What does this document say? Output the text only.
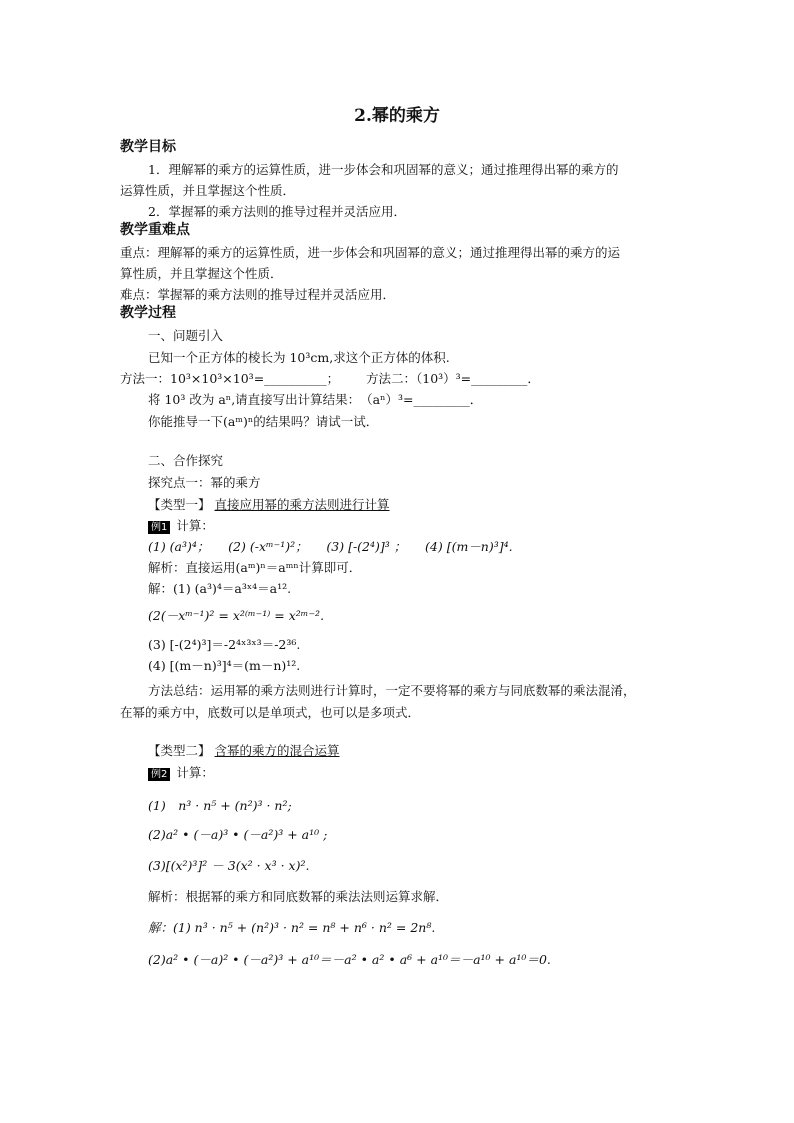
2.幂的乘方
教学目标
1．理解幂的乘方的运算性质，进一步体会和巩固幂的意义；通过推理得出幂的乘方的
运算性质，并且掌握这个性质．
2．掌握幂的乘方法则的推导过程并灵活应用．
教学重难点
重点：理解幂的乘方的运算性质，进一步体会和巩固幂的意义；通过推理得出幂的乘方的运
算性质，并且掌握这个性质．
难点：掌握幂的乘方法则的推导过程并灵活应用．
教学过程
一、问题引入
已知一个正方体的棱长为 10³cm,求这个正方体的体积.
方法一：10³×10³×10³=__________； 方法二：（10³）³=_________．
将 10³ 改为 aⁿ,请直接写出计算结果：　（aⁿ）³=_________．
你能推导一下(aᵐ)ⁿ的结果吗？请试一试．
二、合作探究
探究点一：幂的乘方
【类型一】 直接应用幂的乘方法则进行计算
例1 计算：
(1) (a³)⁴；　　(2) (-xᵐ⁻¹)²；　　(3) [-(2⁴)]³ ；　　(4) [(m－n)³]⁴.
解析：直接运用(aᵐ)ⁿ＝aᵐⁿ计算即可．
解：(1) (a³)⁴＝a³ˣ⁴＝a¹².
(2(－xᵐ⁻¹)² = x²⁽ᵐ⁻¹⁾ = x²ᵐ⁻².
(3) [-(2⁴)³]＝-2⁴ˣ³ˣ³＝-2³⁶.
(4) [(m－n)³]⁴＝(m－n)¹².
方法总结：运用幂的乘方法则进行计算时，一定不要将幂的乘方与同底数幂的乘法混淆，
在幂的乘方中，底数可以是单项式，也可以是多项式．
【类型二】 含幂的乘方的混合运算
例2 计算：
(1)　n³ · n⁵ + (n²)³ · n²;
(2)a² • (－a)³ • (－a²)³ + a¹⁰ ;
(3)[(x²)³]² － 3(x² · x³ · x)².
解析：根据幂的乘方和同底数幂的乘法法则运算求解．
解：(1) n³ · n⁵ + (n²)³ · n² = n⁸ + n⁶ · n² = 2n⁸.
(2)a² • (－a)² • (－a²)³ + a¹⁰＝－a² • a² • a⁶ + a¹⁰＝－a¹⁰ + a¹⁰＝0.
